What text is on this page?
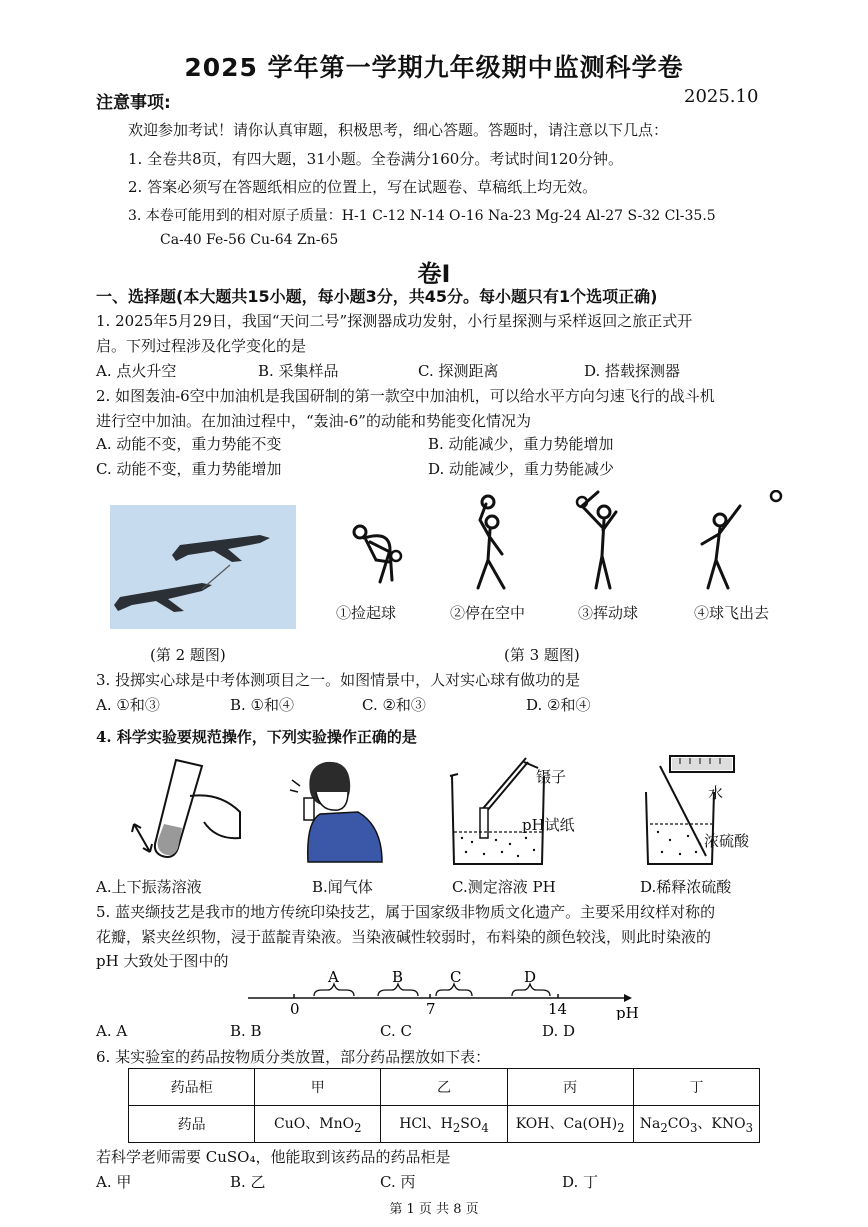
2025 学年第一学期九年级期中监测科学卷
注意事项:	2025.10
欢迎参加考试！请你认真审题，积极思考，细心答题。答题时，请注意以下几点：
1. 全卷共8页，有四大题，31小题。全卷满分160分。考试时间120分钟。
2. 答案必须写在答题纸相应的位置上，写在试题卷、草稿纸上均无效。
3. 本卷可能用到的相对原子质量：H-1 C-12 N-14 O-16 Na-23 Mg-24 Al-27 S-32 Cl-35.5
Ca-40 Fe-56 Cu-64 Zn-65
卷Ⅰ
一、选择题(本大题共15小题，每小题3分，共45分。每小题只有1个选项正确)
1. 2025年5月29日，我国“天问二号”探测器成功发射，小行星探测与采样返回之旅正式开
启。下列过程涉及化学变化的是
A. 点火升空	B. 采集样品	C. 探测距离	D. 搭载探测器
2. 如图轰油-6空中加油机是我国研制的第一款空中加油机，可以给水平方向匀速飞行的战斗机
进行空中加油。在加油过程中，“轰油-6”的动能和势能变化情况为
A. 动能不变，重力势能不变	B. 动能减少，重力势能增加
C. 动能不变，重力势能增加	D. 动能减少，重力势能减少
(第 2 题图)
①捡起球	②停在空中	③挥动球	④球飞出去
(第 3 题图)
3. 投掷实心球是中考体测项目之一。如图情景中，人对实心球有做功的是
A. ①和③	B. ①和④	C. ②和③	D. ②和④
4. 科学实验要规范操作，下列实验操作正确的是
镊子
pH试纸
水
浓硫酸
A.上下振荡溶液	B.闻气体	C.测定溶液 PH	D.稀释浓硫酸
5. 蓝夹缬技艺是我市的地方传统印染技艺，属于国家级非物质文化遗产。主要采用纹样对称的
花瓣，紧夹丝织物，浸于蓝靛青染液。当染液碱性较弱时，布料染的颜色较浅，则此时染液的
pH 大致处于图中的
A	B	C	D
0	7	14	pH
A. A	B. B	C. C	D. D
6. 某实验室的药品按物质分类放置，部分药品摆放如下表：
药品柜	甲	乙	丙	丁
药品	CuO、MnO$_2$	HCl、$H_2SO_4$	KOH、$Ca(OH)_2$	$Na_2CO_3$、$KNO_3$
若科学老师需要 CuSO₄，他能取到该药品的药品柜是
A. 甲	B. 乙	C. 丙	D. 丁
第 1 页 共 8 页
